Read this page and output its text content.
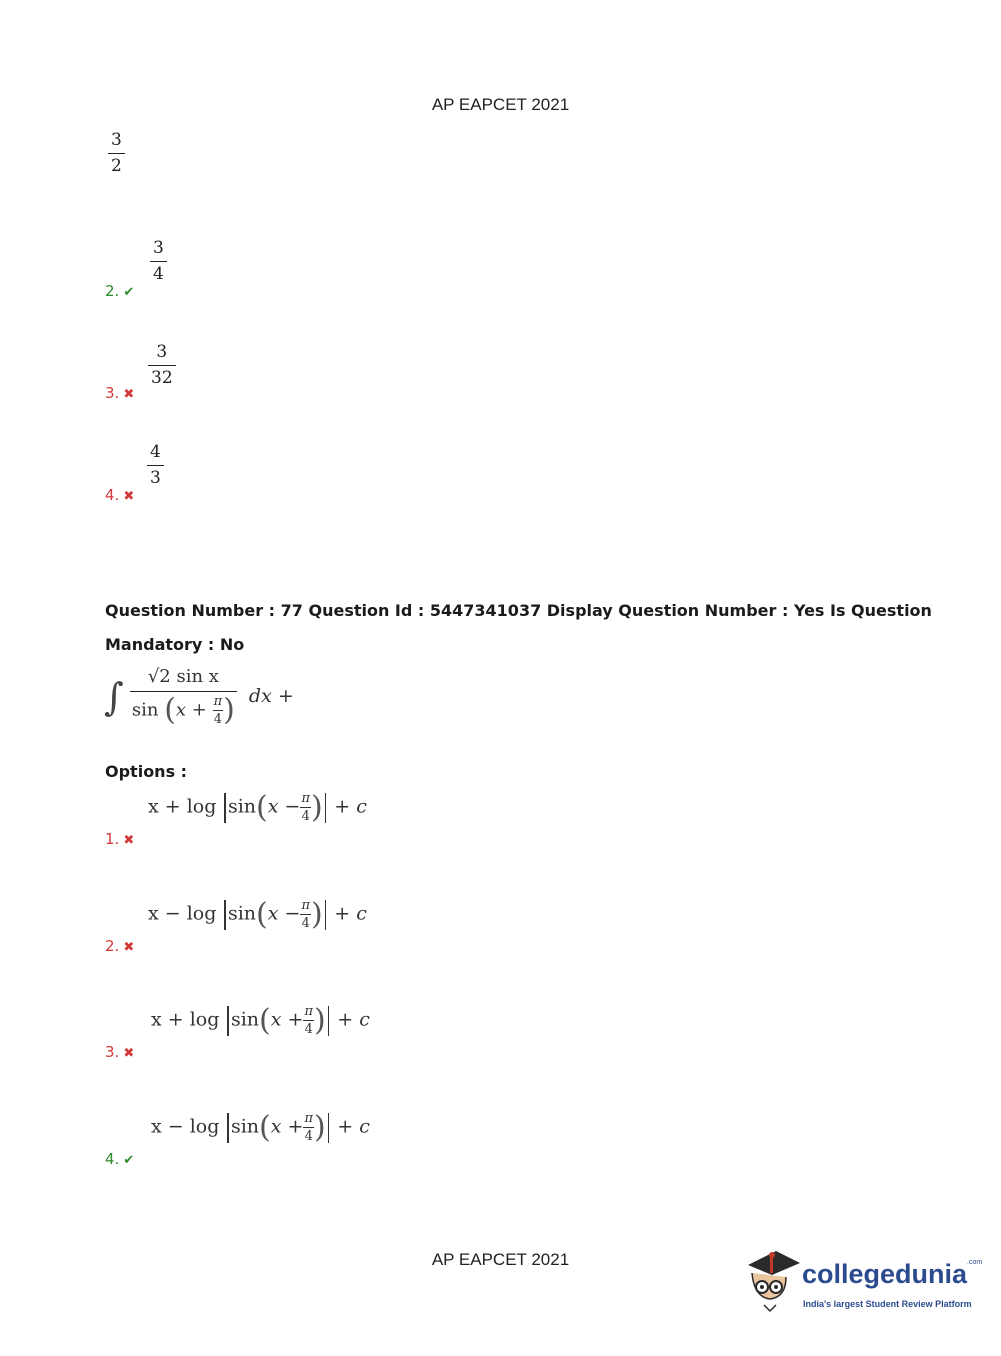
AP EAPCET 2021
$\frac{3}{2}$
2. ✔
$\frac{3}{4}$
3. ✖
$\frac{3}{32}$
4. ✖
$\frac{4}{3}$
Question Number : 77 Question Id : 5447341037 Display Question Number : Yes Is Question
Mandatory : No
∫ $\frac{\text{√2 sin x}}{\sin (x + \frac{\pi}{4} )}$ dx +
Options :
1. ✖
$x + \log \sin(x - \frac{\pi}{4}$ ) + c
2. ✖
$x - \log \sin(x - \frac{\pi}{4}$ ) + c
3. ✖
$x + \log \sin(x + \frac{\pi}{4}$ ) + c
4. ✔
$x - \log \sin(x + \frac{\pi}{4}$ ) + c
AP EAPCET 2021	collegedunia$^{.com}$
India's largest Student Review Platform
